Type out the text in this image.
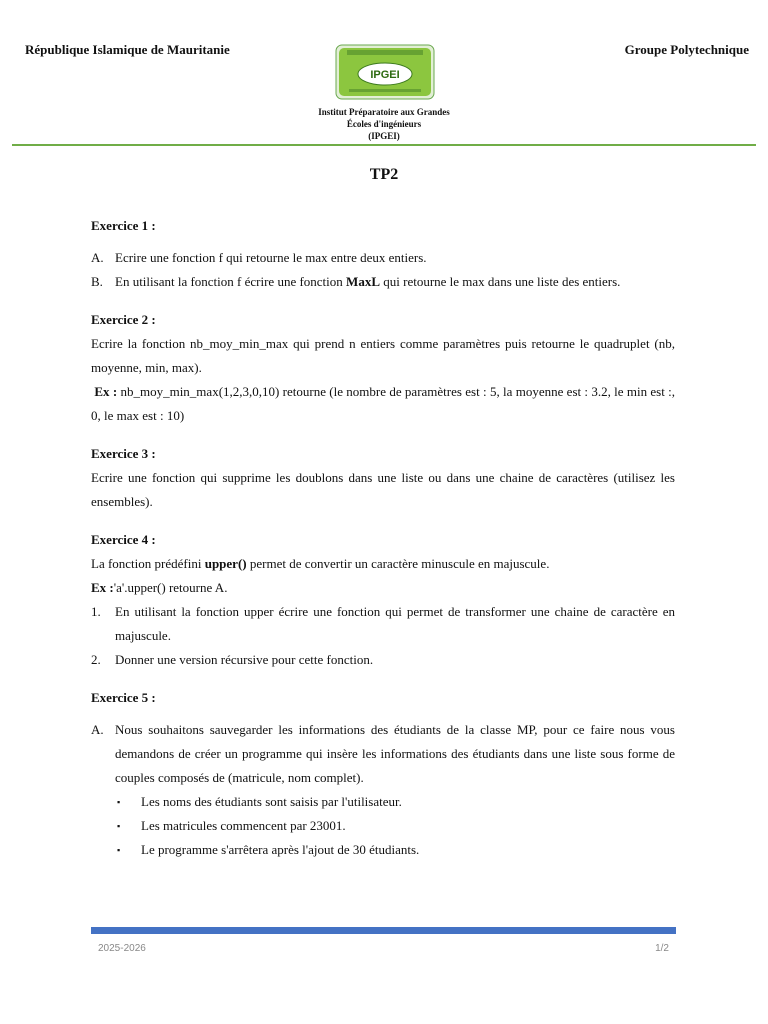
République Islamique de Mauritanie	Groupe Polytechnique
IPGEI
Institut Préparatoire aux Grandes
Écoles d'ingénieurs
(IPGEI)
TP2

Exercice 1 :

A. Ecrire une fonction f qui retourne le max entre deux entiers.
B. En utilisant la fonction f écrire une fonction MaxL qui retourne le max dans une liste des entiers.

Exercice 2 :

Ecrire la fonction nb_moy_min_max qui prend n entiers comme paramètres puis retourne le quadruplet (nb, moyenne, min, max).

Ex : nb_moy_min_max(1,2,3,0,10) retourne (le nombre de paramètres est : 5, la moyenne est : 3.2, le min est :, 0, le max est : 10)

Exercice 3 :

Ecrire une fonction qui supprime les doublons dans une liste ou dans une chaine de caractères (utilisez les ensembles).

Exercice 4 :

La fonction prédéfini upper() permet de convertir un caractère minuscule en majuscule.

Ex :'a'.upper() retourne A.

1.	En utilisant la fonction upper écrire une fonction qui permet de transformer une chaine de caractère en majuscule.
2.	Donner une version récursive pour cette fonction.

Exercice 5 :

A. Nous souhaitons sauvegarder les informations des étudiants de la classe MP, pour ce faire nous vous demandons de créer un programme qui insère les informations des étudiants dans une liste sous forme de couples composés de (matricule, nom complet).
▪	Les noms des étudiants sont saisis par l'utilisateur.
▪	Les matricules commencent par 23001.
▪	Le programme s'arrêtera après l'ajout de 30 étudiants.
2025-2026	1/2
